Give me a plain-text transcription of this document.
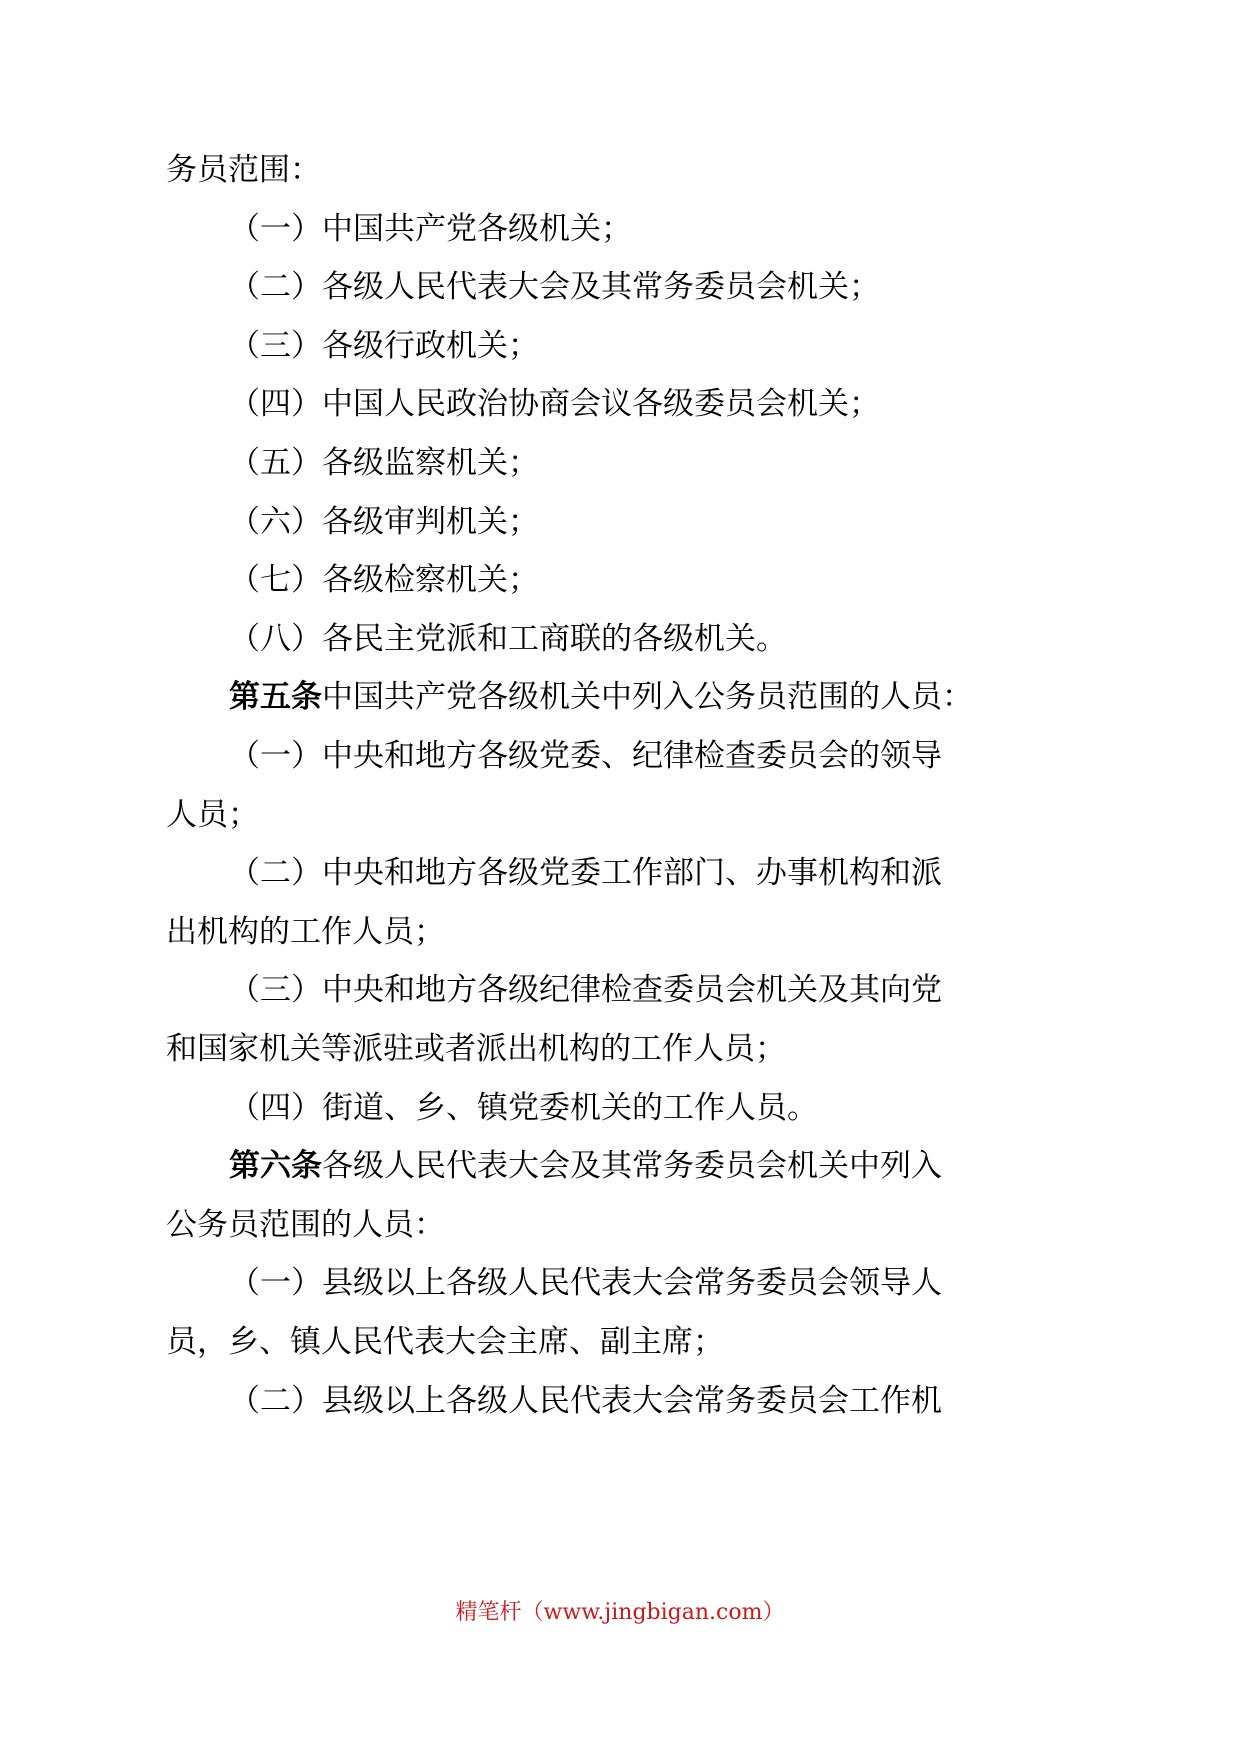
务员范围：
（一）中国共产党各级机关；
（二）各级人民代表大会及其常务委员会机关；
（三）各级行政机关；
（四）中国人民政治协商会议各级委员会机关；
（五）各级监察机关；
（六）各级审判机关；
（七）各级检察机关；
（八）各民主党派和工商联的各级机关。
第五条中国共产党各级机关中列入公务员范围的人员：
（一）中央和地方各级党委、纪律检查委员会的领导
人员；
（二）中央和地方各级党委工作部门、办事机构和派
出机构的工作人员；
（三）中央和地方各级纪律检查委员会机关及其向党
和国家机关等派驻或者派出机构的工作人员；
（四）街道、乡、镇党委机关的工作人员。
第六条各级人民代表大会及其常务委员会机关中列入
公务员范围的人员：
（一）县级以上各级人民代表大会常务委员会领导人
员，乡、镇人民代表大会主席、副主席；
（二）县级以上各级人民代表大会常务委员会工作机
精笔杆（www.jingbigan.com）
